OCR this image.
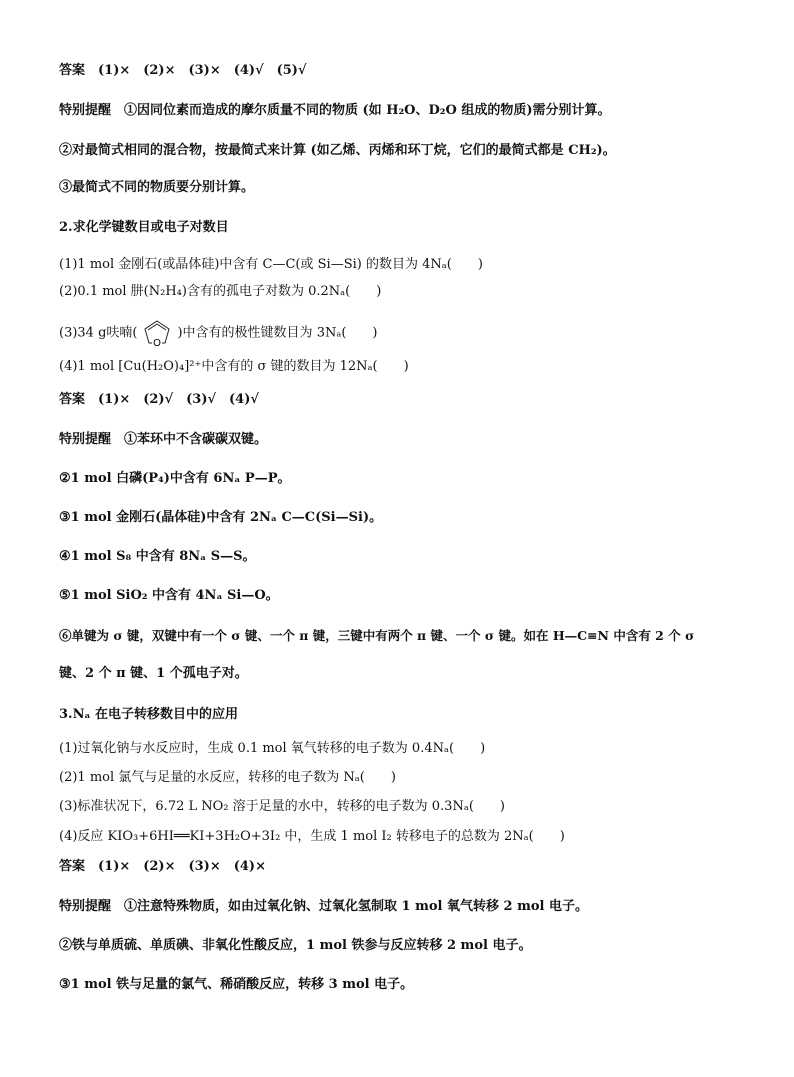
答案　(1)×　(2)×　(3)×　(4)√　(5)√
特别提醒　①因同位素而造成的摩尔质量不同的物质 (如 H₂O、D₂O 组成的物质)需分别计算。
②对最简式相同的混合物，按最简式来计算 (如乙烯、丙烯和环丁烷，它们的最简式都是 CH₂)。
③最简式不同的物质要分别计算。
2.求化学键数目或电子对数目
(1)1 mol 金刚石(或晶体硅)中含有 C—C(或 Si—Si) 的数目为 4Nₐ(　　)
(2)0.1 mol 肼(N₂H₄)含有的孤电子对数为 0.2Nₐ(　　)
(3)34 g呋喃(
O
)中含有的极性键数目为 3Nₐ(　　)
(4)1 mol [Cu(H₂O)₄]²⁺中含有的 σ 键的数目为 12Nₐ(　　)
答案　(1)×　(2)√　(3)√　(4)√
特别提醒　①苯环中不含碳碳双键。
②1 mol 白磷(P₄)中含有 6Nₐ P—P。
③1 mol 金刚石(晶体硅)中含有 2Nₐ C—C(Si—Si)。
④1 mol S₈ 中含有 8Nₐ S—S。
⑤1 mol SiO₂ 中含有 4Nₐ Si—O。
⑥单键为 σ 键，双键中有一个 σ 键、一个 π 键，三键中有两个 π 键、一个 σ 键。如在 H—C≡N 中含有 2 个 σ
键、2 个 π 键、1 个孤电子对。
3.Nₐ 在电子转移数目中的应用
(1)过氧化钠与水反应时，生成 0.1 mol 氧气转移的电子数为 0.4Nₐ(　　)
(2)1 mol 氯气与足量的水反应，转移的电子数为 Nₐ(　　)
(3)标准状况下，6.72 L NO₂ 溶于足量的水中，转移的电子数为 0.3Nₐ(　　)
(4)反应 KIO₃+6HI══KI+3H₂O+3I₂ 中，生成 1 mol I₂ 转移电子的总数为 2Nₐ(　　)
答案　(1)×　(2)×　(3)×　(4)×
特别提醒　①注意特殊物质，如由过氧化钠、过氧化氢制取 1 mol 氧气转移 2 mol 电子。
②铁与单质硫、单质碘、非氧化性酸反应，1 mol 铁参与反应转移 2 mol 电子。
③1 mol 铁与足量的氯气、稀硝酸反应，转移 3 mol 电子。
